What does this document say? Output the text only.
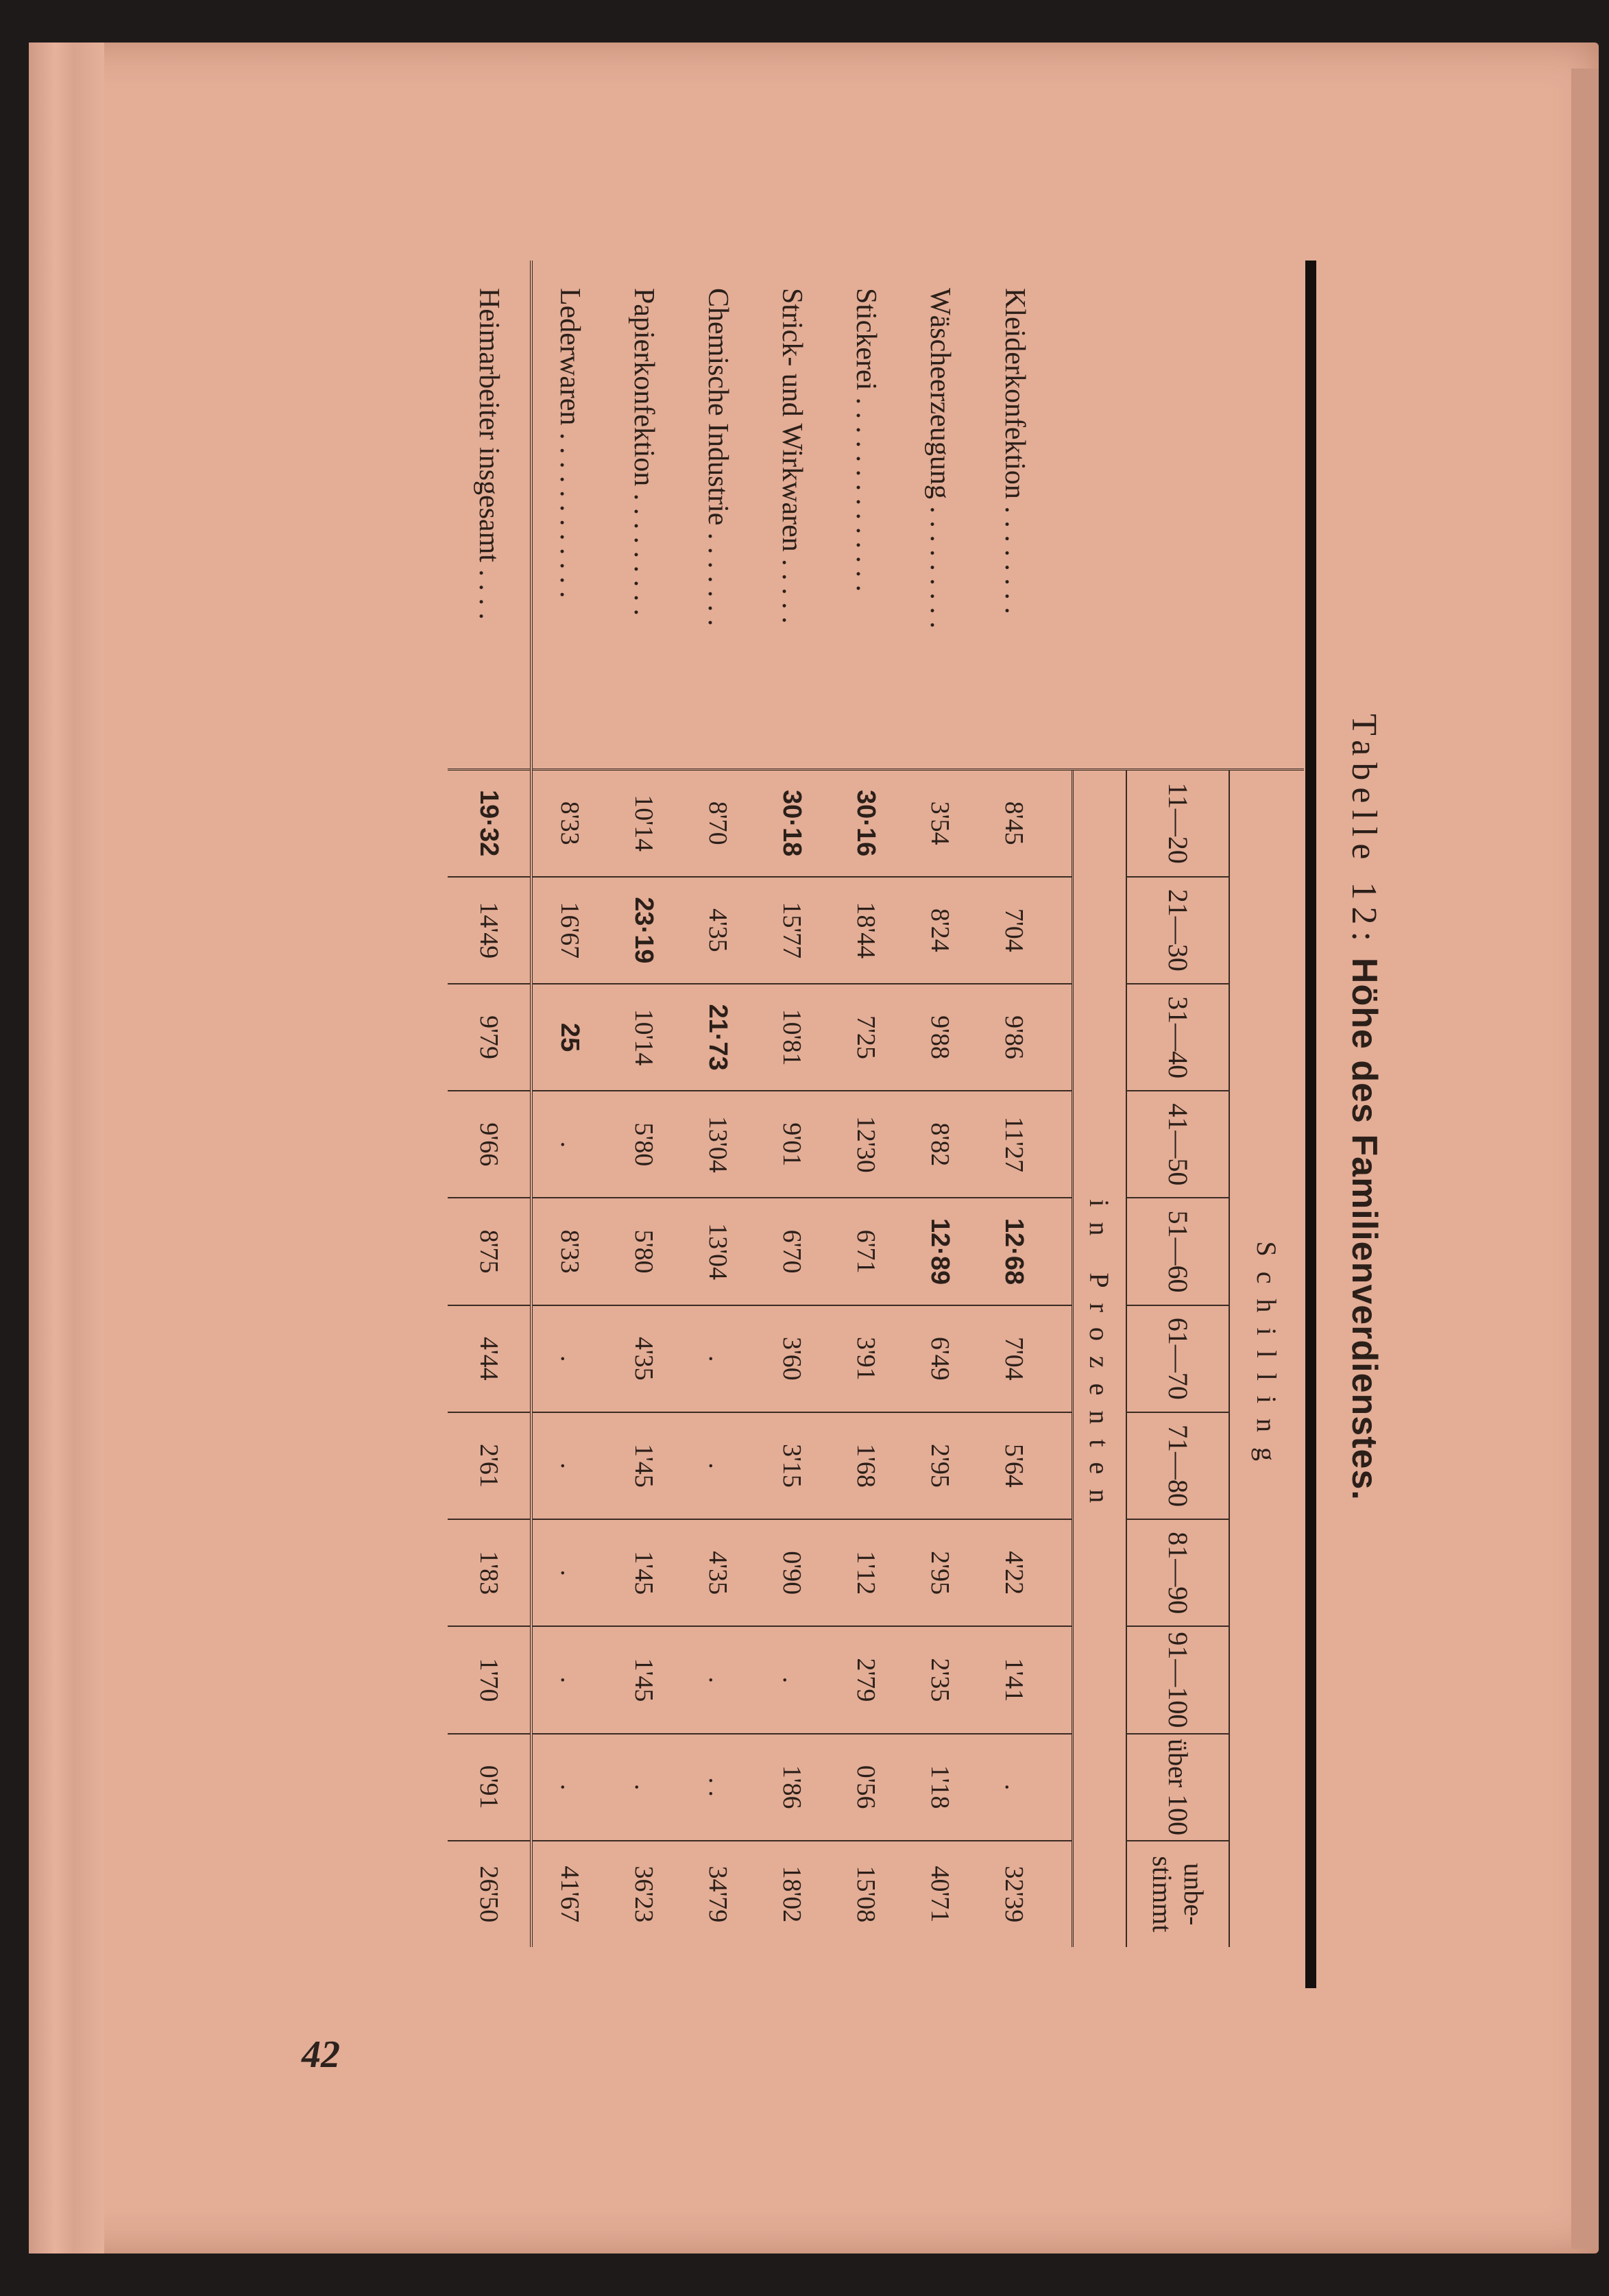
42
Tabelle 12: Höhe des Familienverdienstes.
	Schilling										
	11—20	21—30	31—40	41—50	51—60	61—70	71—80	81—90	91—100	über 100	unbe-
stimmt
	in Prozenten										
Kleiderkonfektion . . . . . . . .	8'45	7'04	9'86	11'27	12·68	7'04	5'64	4'22	1'41	.	32'39
Wäscheerzeugung . . . . . . . . .	3'54	8'24	9'88	8'82	12·89	6'49	2'95	2'95	2'35	1'18	40'71
Stickerei . . . . . . . . . . . . . .	30·16	18'44	7'25	12'30	6'71	3'91	1'68	1'12	2'79	0'56	15'08
Strick- und Wirkwaren . . . . .	30·18	15'77	10'81	9'01	6'70	3'60	3'15	0'90	.	1'86	18'02
Chemische Industrie . . . . . . .	8'70	4'35	21·73	13'04	13'04	.	.	4'35	.	. .	34'79
Papierkonfektion . . . . . . . . .	10'14	23·19	10'14	5'80	5'80	4'35	1'45	1'45	1'45	.	36'23
Lederwaren . . . . . . . . . . . .	8'33	16'67	25	.	8'33	.	.	.	.	.	41'67
Heimarbeiter insgesamt . . . .	19·32	14'49	9'79	9'66	8'75	4'44	2'61	1'83	1'70	0'91	26'50
